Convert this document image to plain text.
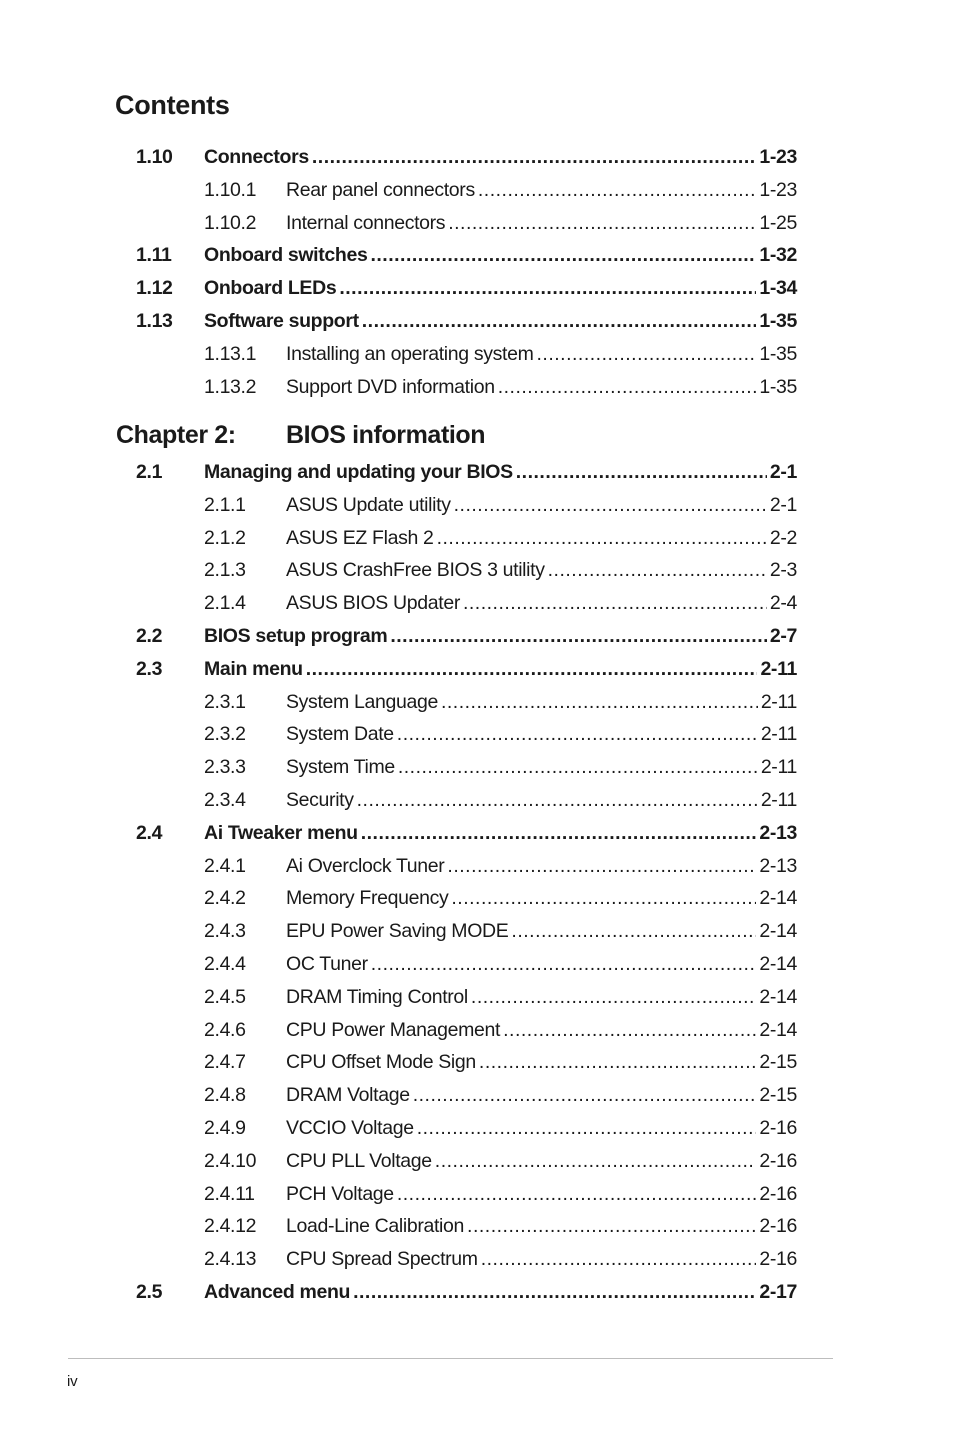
Contents
Chapter 2: BIOS information
1.10 Connectors .....	1-23
1.10.1 Rear panel connectors .....	1-23
1.10.2 Internal connectors .....	1-25
1.11 Onboard switches .....	1-32
1.12 Onboard LEDs .....	1-34
1.13 Software support .....	1-35
1.13.1 Installing an operating system .....	1-35
1.13.2 Support DVD information .....	1-35
2.1 Managing and updating your BIOS .....	2-1
2.1.1 ASUS Update utility .....	2-1
2.1.2 ASUS EZ Flash 2 .....	2-2
2.1.3 ASUS CrashFree BIOS 3 utility .....	2-3
2.1.4 ASUS BIOS Updater .....	2-4
2.2 BIOS setup program .....	2-7
2.3 Main menu .....	2-11
2.3.1 System Language .....	2-11
2.3.2 System Date .....	2-11
2.3.3 System Time .....	2-11
2.3.4 Security .....	2-11
2.4 Ai Tweaker menu .....	2-13
2.4.1 Ai Overclock Tuner .....	2-13
2.4.2 Memory Frequency .....	2-14
2.4.3 EPU Power Saving MODE .....	2-14
2.4.4 OC Tuner .....	2-14
2.4.5 DRAM Timing Control .....	2-14
2.4.6 CPU Power Management .....	2-14
2.4.7 CPU Offset Mode Sign .....	2-15
2.4.8 DRAM Voltage .....	2-15
2.4.9 VCCIO Voltage .....	2-16
2.4.10 CPU PLL Voltage .....	2-16
2.4.11 PCH Voltage .....	2-16
2.4.12 Load-Line Calibration .....	2-16
2.4.13 CPU Spread Spectrum .....	2-16
2.5 Advanced menu .....	2-17
iv
